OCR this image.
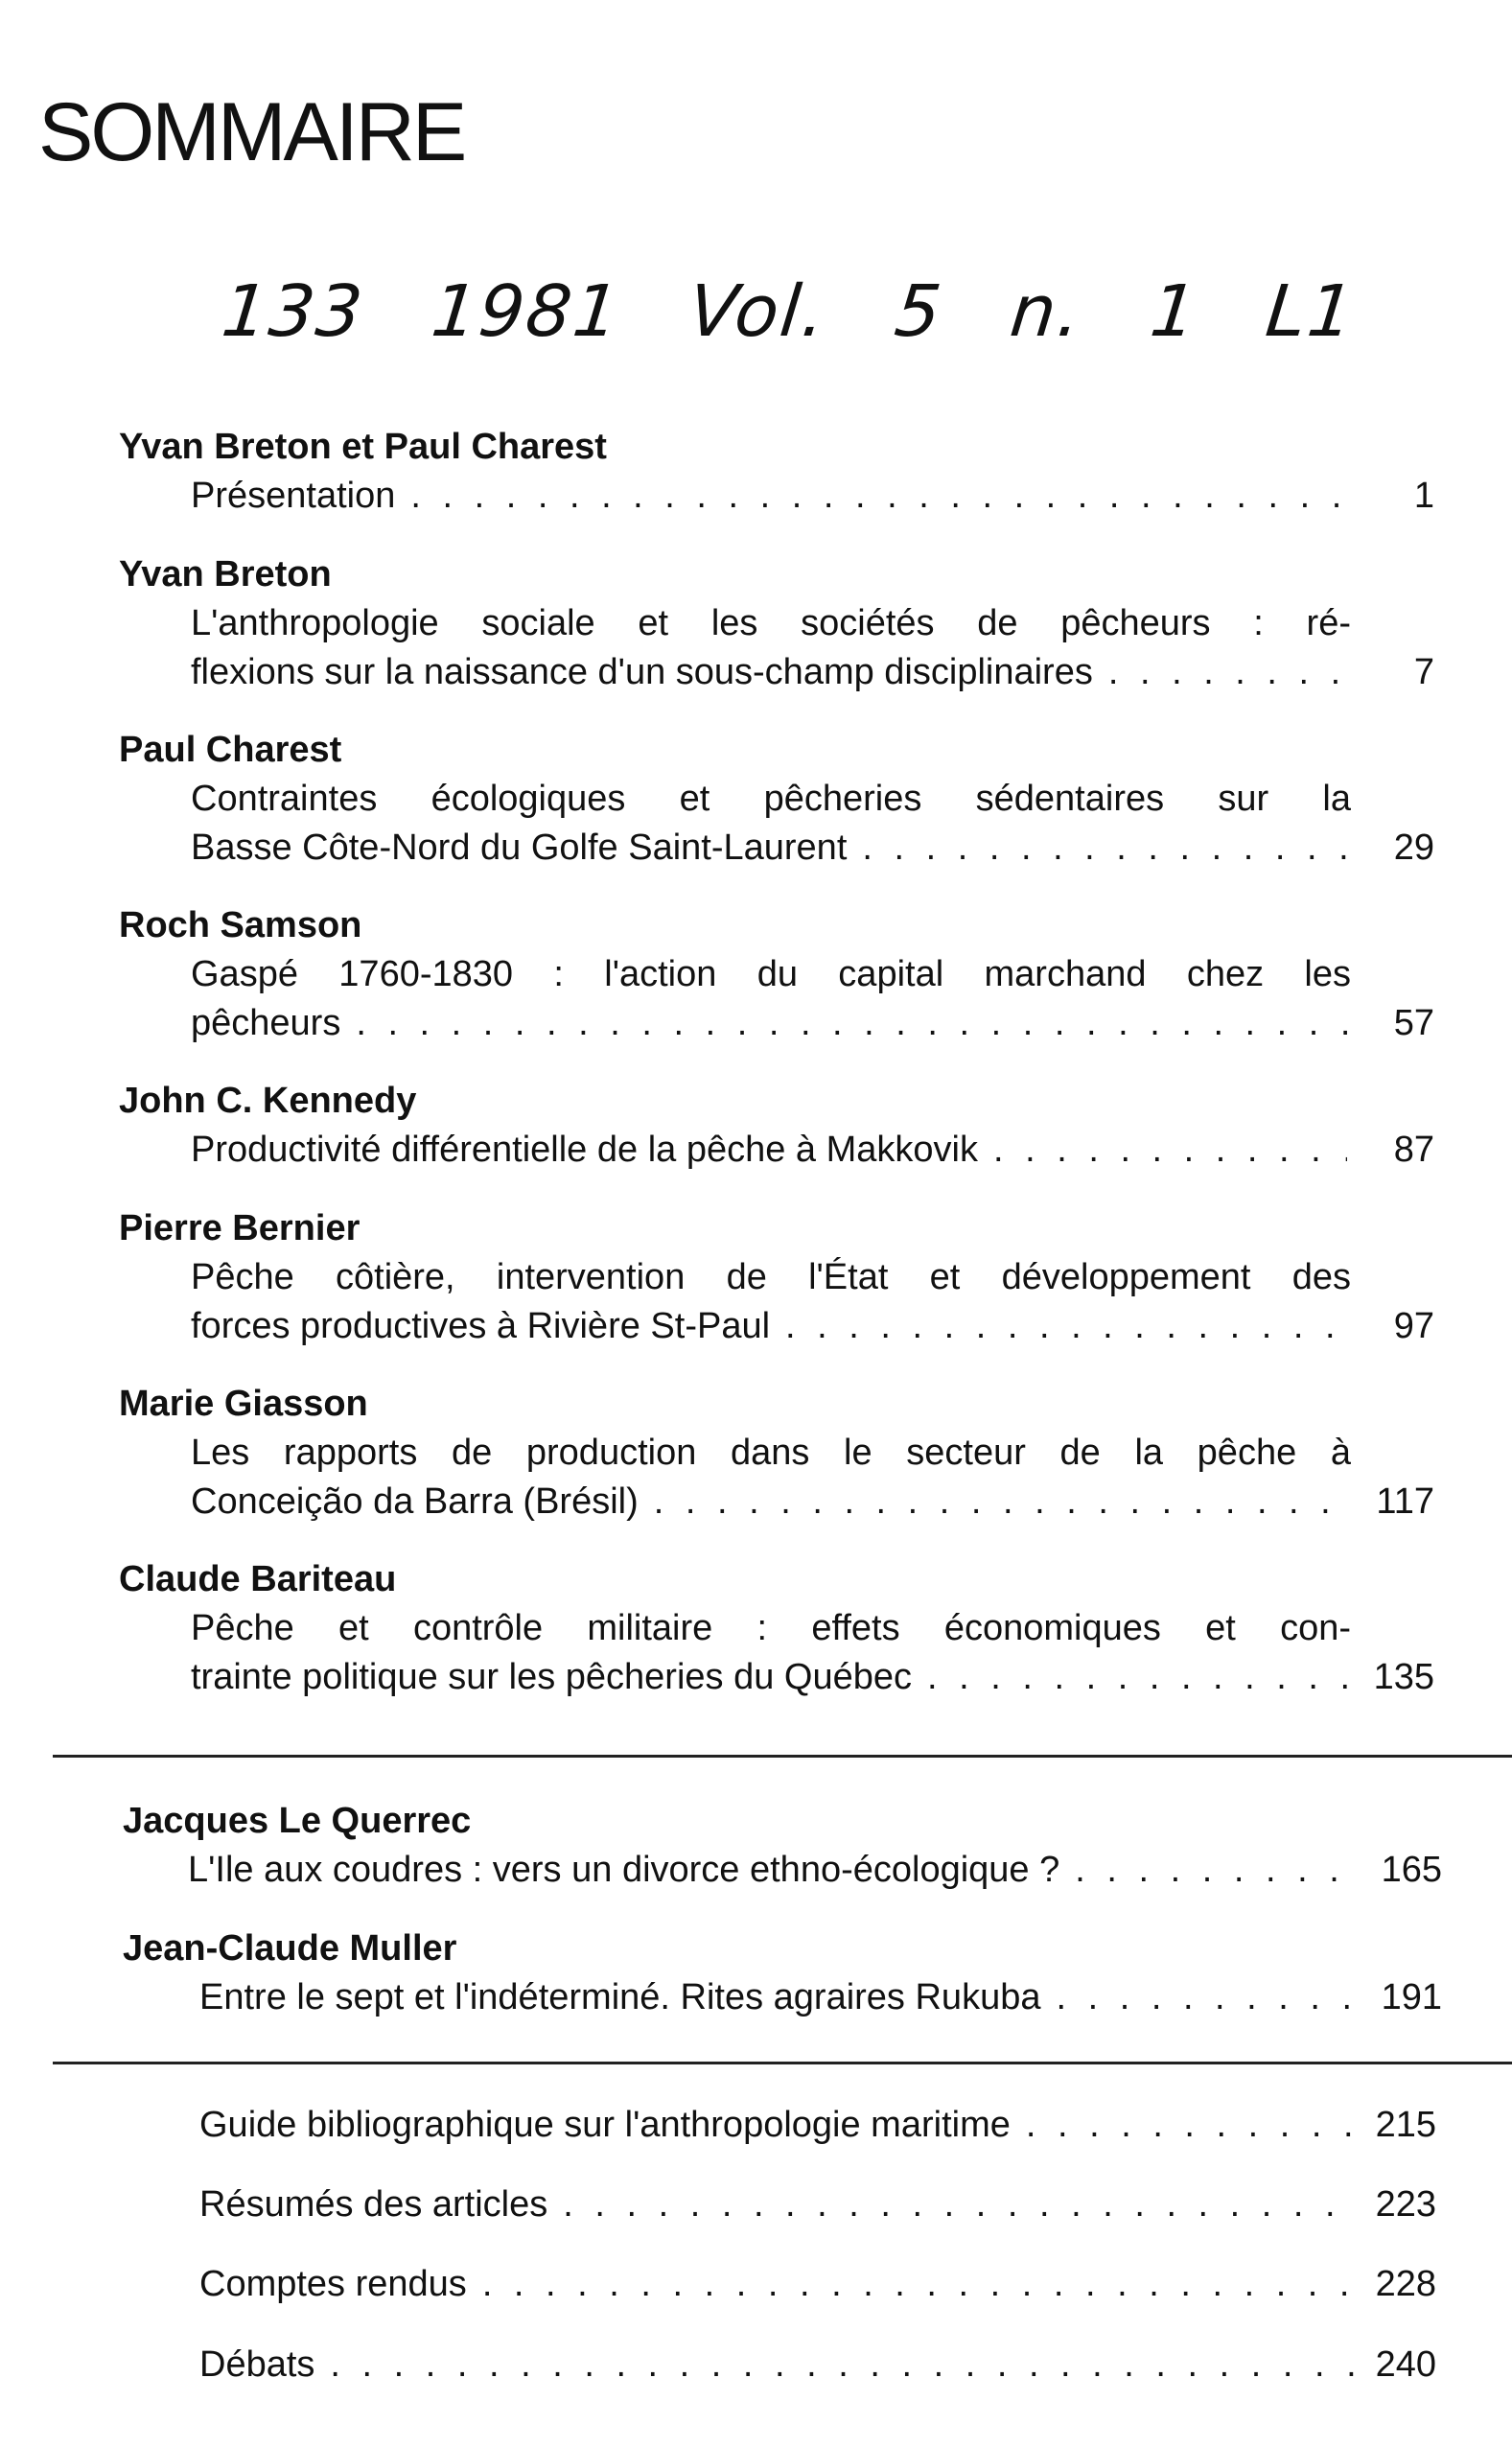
SOMMAIRE
133 1981 Vol. 5 n. 1 L1
Yvan Breton et Paul Charest
Présentation . . .	1
Yvan Breton
L'anthropologie sociale et les sociétés de pêcheurs : ré-
flexions sur la naissance d'un sous-champ disciplinaires . . .	7
Paul Charest
Contraintes écologiques et pêcheries sédentaires sur la
Basse Côte-Nord du Golfe Saint-Laurent . . .	29
Roch Samson
Gaspé 1760-1830 : l'action du capital marchand chez les
pêcheurs . . .	57
John C. Kennedy
Productivité différentielle de la pêche à Makkovik . . .	87
Pierre Bernier
Pêche côtière, intervention de l'État et développement des
forces productives à Rivière St-Paul . . .	97
Marie Giasson
Les rapports de production dans le secteur de la pêche à
Conceição da Barra (Brésil) . . .	117
Claude Bariteau
Pêche et contrôle militaire : effets économiques et con-
trainte politique sur les pêcheries du Québec . . .	135
Jacques Le Querrec
L'Ile aux coudres : vers un divorce ethno-écologique ? . . .	165
Jean-Claude Muller
Entre le sept et l'indéterminé. Rites agraires Rukuba . . .	191
Guide bibliographique sur l'anthropologie maritime . . .	215
Résumés des articles . . .	223
Comptes rendus . . .	228
Débats . . .	240
